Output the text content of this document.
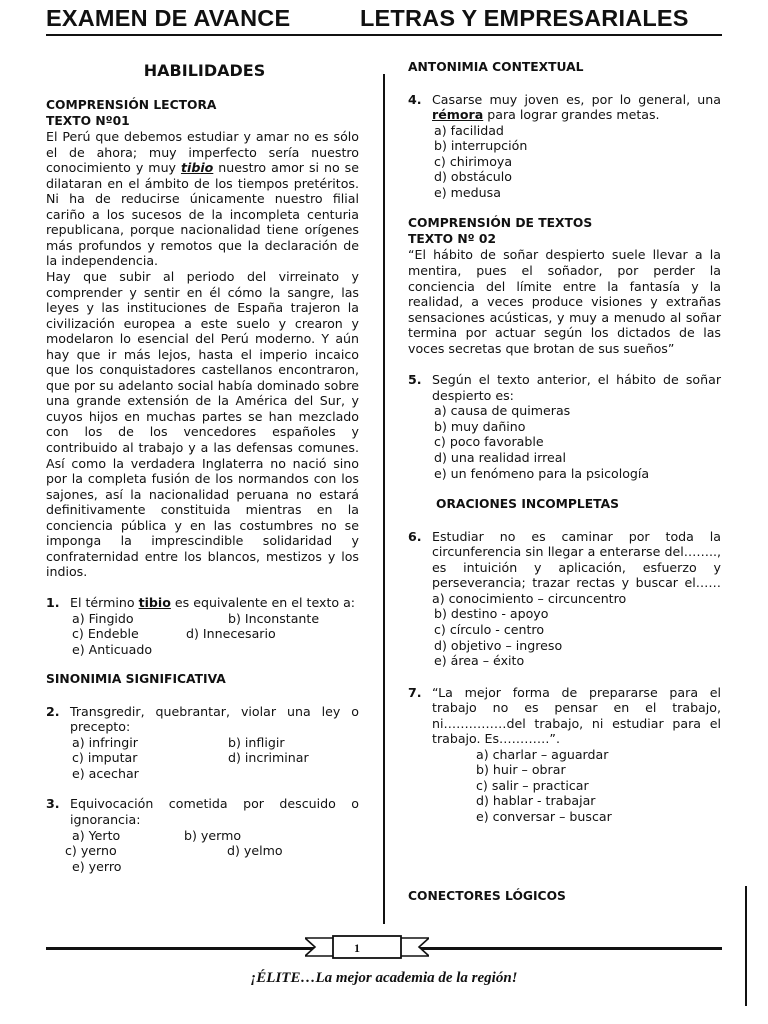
EXAMEN DE AVANCE	LETRAS Y EMPRESARIALES
HABILIDADES
COMPRENSIÓN LECTORA
TEXTO Nº01
El Perú que debemos estudiar y amar no es sólo el de ahora; muy imperfecto sería nuestro conocimiento y muy tibio nuestro amor si no se dilataran en el ámbito de los tiempos pretéritos. Ni ha de reducirse únicamente nuestro filial cariño a los sucesos de la incompleta centuria republicana, porque nacionalidad tiene orígenes más profundos y remotos que la declaración de la independencia.
Hay que subir al periodo del virreinato y comprender y sentir en él cómo la sangre, las leyes y las instituciones de España trajeron la civilización europea a este suelo y crearon y modelaron lo esencial del Perú moderno. Y aún hay que ir más lejos, hasta el imperio incaico que los conquistadores castellanos encontraron, que por su adelanto social había dominado sobre una grande extensión de la América del Sur, y cuyos hijos en muchas partes se han mezclado con los de los vencedores españoles y contribuido al trabajo y a las defensas comunes. Así como la verdadera Inglaterra no nació sino por la completa fusión de los normandos con los sajones, así la nacionalidad peruana no estará definitivamente constituida mientras en la conciencia pública y en las costumbres no se imponga la imprescindible solidaridad y confraternidad entre los blancos, mestizos y los indios.
1. El término tibio es equivalente en el texto a:
a) Fingido	b) Inconstante
c) Endeble	d) Innecesario
e) Anticuado
SINONIMIA SIGNIFICATIVA
2. Transgredir, quebrantar, violar una ley o precepto:
a) infringir	b) infligir
c) imputar	d) incriminar
e) acechar
3. Equivocación cometida por descuido o ignorancia:
a) Yerto	b) yermo
c) yerno	d) yelmo
e) yerro
ANTONIMIA CONTEXTUAL
4. Casarse muy joven es, por lo general, una rémora para lograr grandes metas.
a) facilidad
b) interrupción
c) chirimoya
d) obstáculo
e) medusa
COMPRENSIÓN DE TEXTOS
TEXTO Nº 02
“El hábito de soñar despierto suele llevar a la mentira, pues el soñador, por perder la conciencia del límite entre la fantasía y la realidad, a veces produce visiones y extrañas sensaciones acústicas, y muy a menudo al soñar termina por actuar según los dictados de las voces secretas que brotan de sus sueños”
5. Según el texto anterior, el hábito de soñar despierto es:
a) causa de quimeras
b) muy dañino
c) poco favorable
d) una realidad irreal
e) un fenómeno para la psicología
ORACIONES INCOMPLETAS
6. Estudiar no es caminar por toda la circunferencia sin llegar a enterarse del…….., es intuición y aplicación, esfuerzo y perseverancia; trazar rectas y buscar el…… a) conocimiento – circuncentro
b) destino - apoyo
c) círculo - centro
d) objetivo – ingreso
e) área – éxito
7. “La mejor forma de prepararse para el trabajo no es pensar en el trabajo, ni……………del trabajo, ni estudiar para el trabajo. Es…………”.
a) charlar – aguardar
b) huir – obrar
c) salir – practicar
d) hablar - trabajar
e) conversar – buscar
CONECTORES LÓGICOS
1
¡ÉLITE…La mejor academia de la región!
